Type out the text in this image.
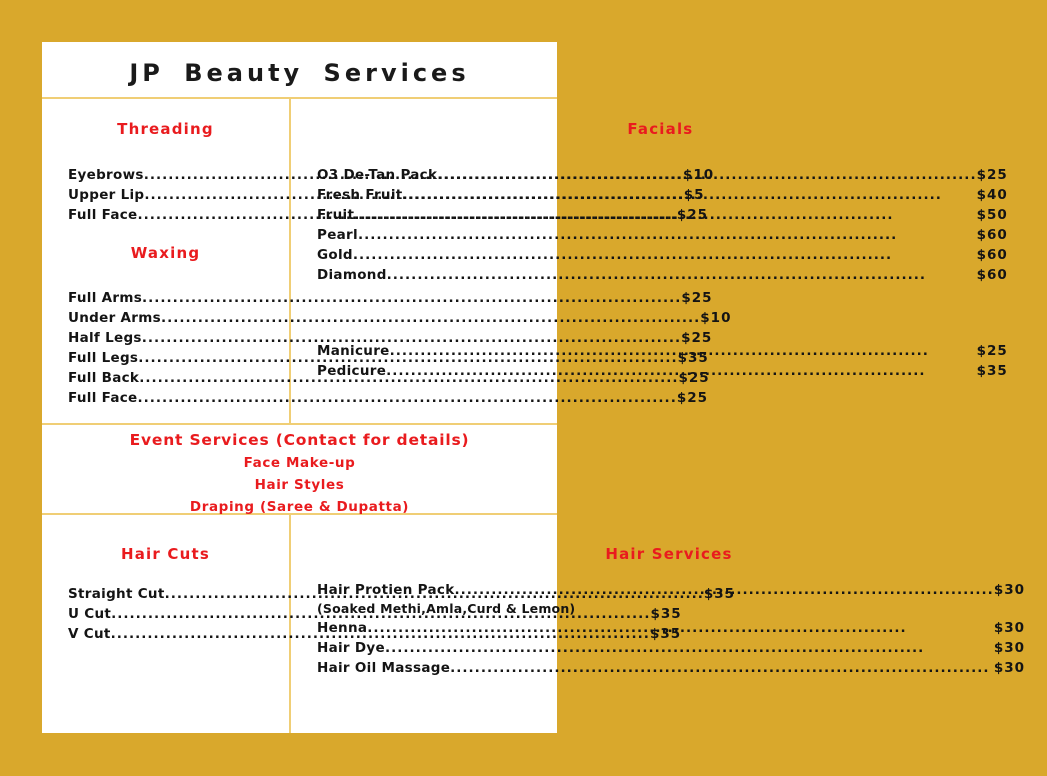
JP Beauty Services
Threading
Eyebrows .....	$10
Upper Lip .....	$5
Full Face .....	$25
Waxing
Full Arms .....	$25
Under Arms .....	$10
Half Legs .....	$25
Full Legs .....	$35
Full Back .....	$25
Full Face .....	$25
Facials
O3 De-Tan Pack .....	$25
Fresh Fruit .....	$40
Fruit .....	$50
Pearl .....	$60
Gold .....	$60
Diamond .....	$60
Manicure .....	$25
Pedicure .....	$35
Event Services (Contact for details)
Face Make-up
Hair Styles
Draping (Saree & Dupatta)
Hair Cuts
Straight Cut .....	$35
U Cut .....	$35
V Cut .....	$35
Hair Services
Hair Protien Pack .....	$30
(Soaked Methi,Amla,Curd & Lemon)
Henna .....	$30
Hair Dye .....	$30
Hair Oil Massage .....	$30
